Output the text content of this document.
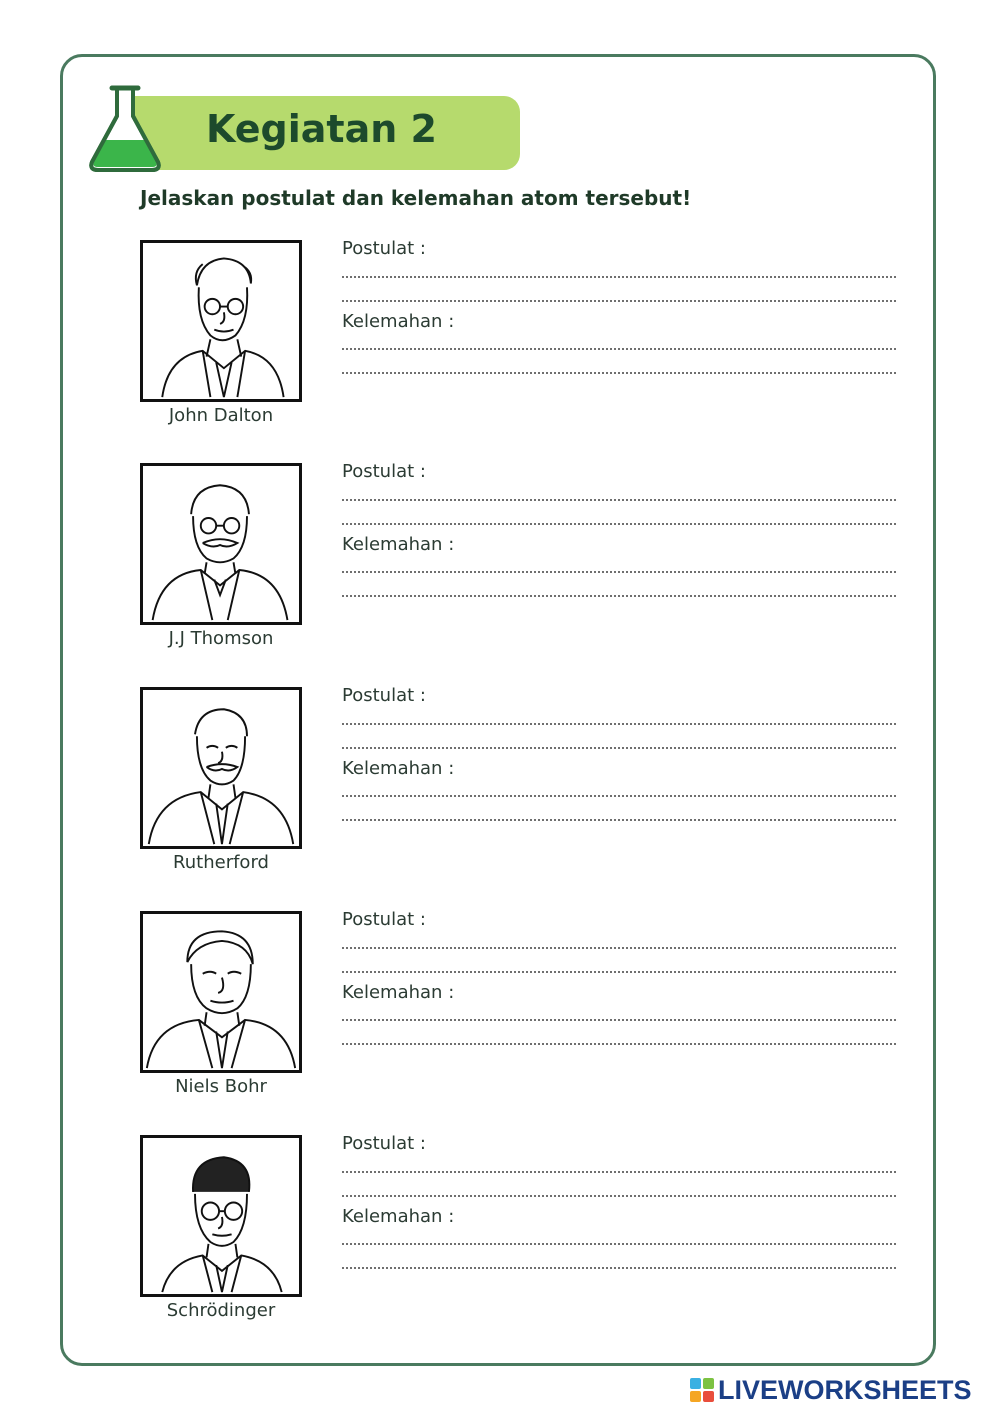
Kegiatan 2
Jelaskan postulat dan kelemahan atom tersebut!
John Dalton
Postulat :
Kelemahan :
J.J Thomson
Postulat :
Kelemahan :
Rutherford
Postulat :
Kelemahan :
Niels Bohr
Postulat :
Kelemahan :
Schrödinger
Postulat :
Kelemahan :
LIVEWORKSHEETS
